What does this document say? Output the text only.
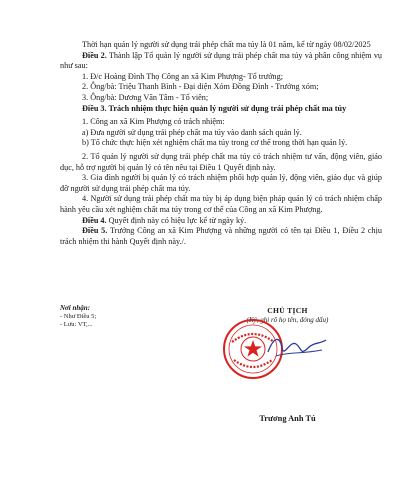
Thời hạn quản lý người sử dụng trái phép chất ma túy là 01 năm, kể từ ngày 08/02/2025

Điều 2. Thành lập Tổ quản lý người sử dụng trái phép chất ma túy và phân công nhiệm vụ như sau:

1. Đ/c Hoàng Đình Thọ Công an xã Kim Phượng- Tổ trưởng;

2. Ông/bà: Triệu Thanh Bình - Đại diện Xóm Đồng Đình - Trưởng xóm;

3. Ông/bà: Dương Văn Tâm - Tổ viên;

Điều 3. Trách nhiệm thực hiện quản lý người sử dụng trái phép chất ma túy

1. Công an xã Kim Phượng có trách nhiệm:

a) Đưa người sử dụng trái phép chất ma túy vào danh sách quản lý.

b) Tổ chức thực hiện xét nghiệm chất ma túy trong cơ thể trong thời hạn quản lý.

2. Tổ quản lý người sử dụng trái phép chất ma túy có trách nhiệm tư vấn, động viên, giáo dục, hỗ trợ người bị quản lý có tên nêu tại Điều 1 Quyết định này.

3. Gia đình người bị quản lý có trách nhiệm phối hợp quản lý, động viên, giáo dục và giúp đỡ người sử dụng trái phép chất ma túy.

4. Người sử dụng trái phép chất ma túy bị áp dụng biện pháp quản lý có trách nhiệm chấp hành yêu cầu xét nghiệm chất ma túy trong cơ thể của Công an xã Kim Phượng.

Điều 4. Quyết định này có hiệu lực kể từ ngày ký.

Điều 5. Trưởng Công an xã Kim Phượng và những người có tên tại Điều 1, Điều 2 chịu trách nhiệm thi hành Quyết định này./.

Nơi nhận:
- Như Điều 5;
- Lưu: VT,...
CHỦ TỊCH
(Ký, ghi rõ họ tên, đóng dấu)
Trương Anh Tú
